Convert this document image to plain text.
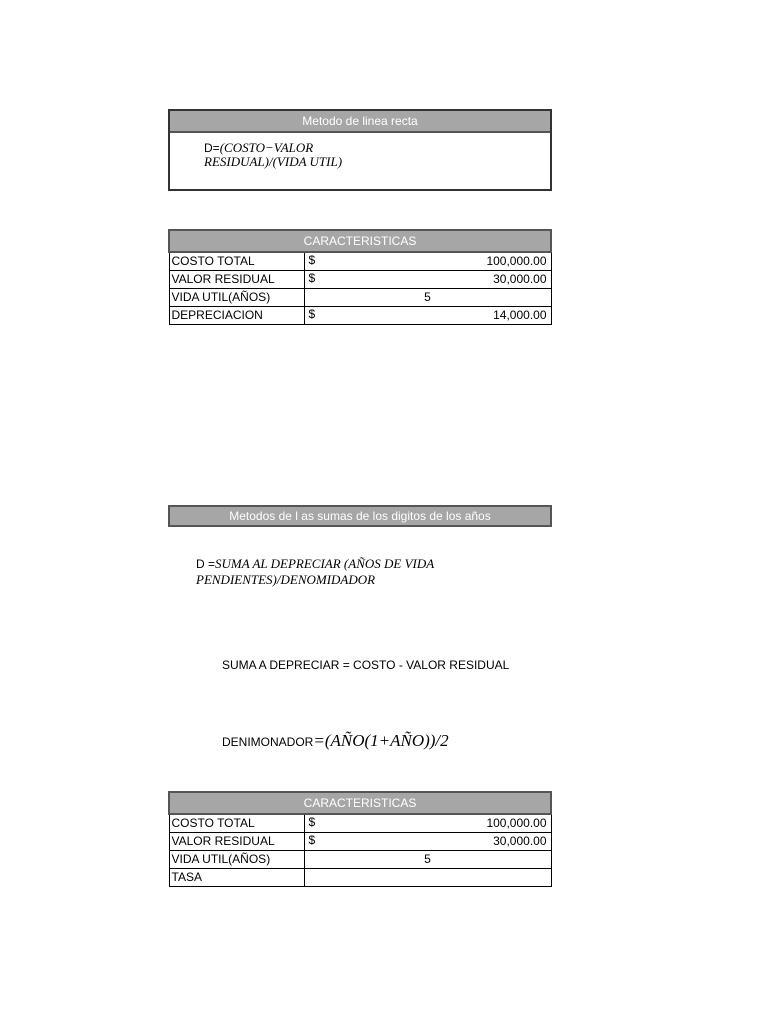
Metodo de linea recta
D=(COSTO−VALOR RESIDUAL)/(VIDA UTIL)
CARACTERISTICAS	
COSTO TOTAL	$ 100,000.00
VALOR RESIDUAL	$ 30,000.00
VIDA UTIL(AÑOS)	5
DEPRECIACION	$ 14,000.00
Metodos de l as sumas de los digitos de los años
D =SUMA AL DEPRECIAR (AÑOS DE VIDA PENDIENTES)/DENOMIDADOR
SUMA A DEPRECIAR = COSTO - VALOR RESIDUAL
DENIMONADOR=(AÑO(1+AÑO))/2
CARACTERISTICAS	
COSTO TOTAL	$ 100,000.00
VALOR RESIDUAL	$ 30,000.00
VIDA UTIL(AÑOS)	5
TASA	
